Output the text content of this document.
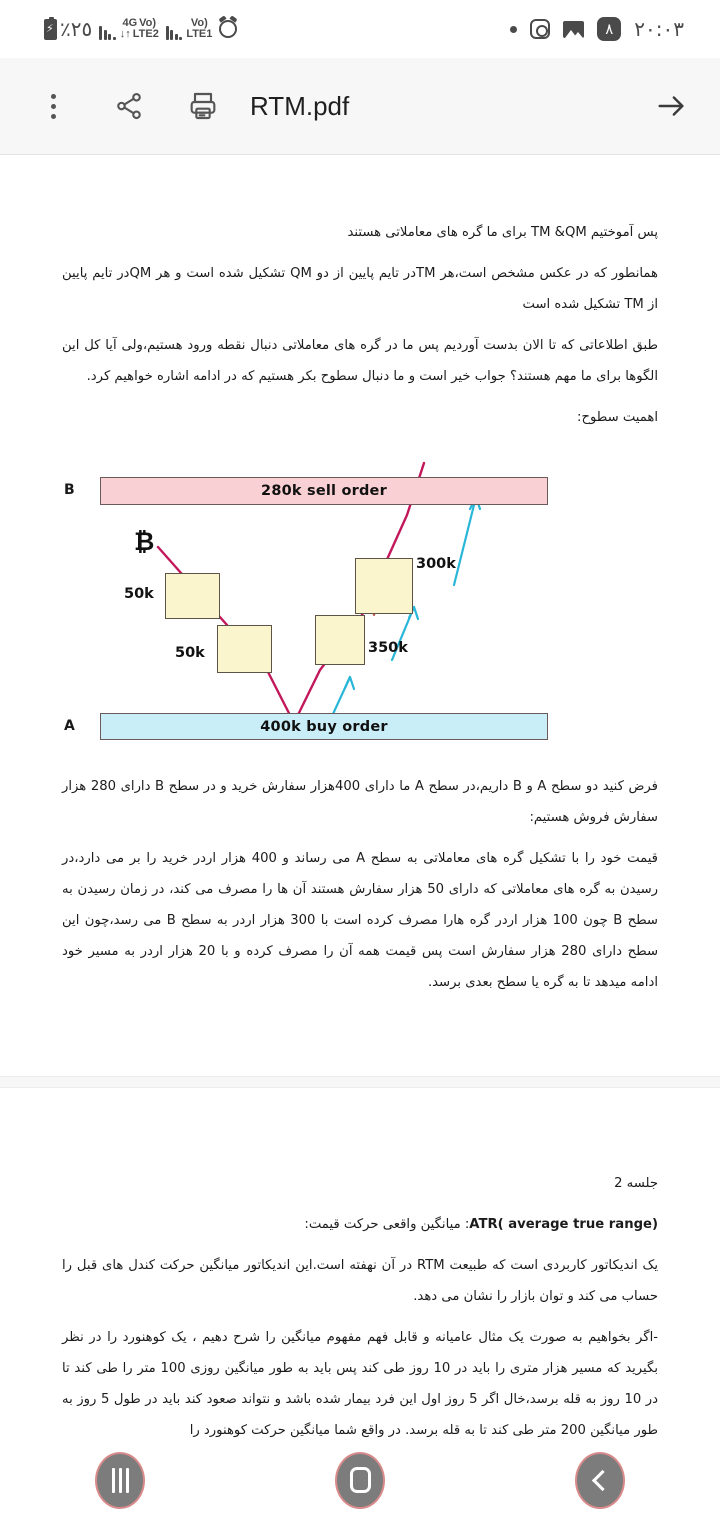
⚡
٪٢٥	4G Vo)
↓↑ LTE2
Vo)
LTE1	٨	٢٠:٠٣
RTM.pdf

پس آموختیم TM &QM برای ما گره های معاملاتی هستند

همانطور که در عکس مشخص است،هر TMدر تایم پایین از دو QM تشکیل شده است و هر QMدر تایم پایین از TM تشکیل شده است

طبق اطلاعاتی که تا الان بدست آوردیم پس ما در گره های معاملاتی دنبال نقطه ورود هستیم،ولی آیا کل این الگوها برای ما مهم هستند؟ جواب خیر است و ما دنبال سطوح بکر هستیم که در ادامه اشاره خواهیم کرد.

اهمیت سطوح:

B
A
280k sell order
400k buy order
₿
50k
50k	350k
300k

فرض کنید دو سطح A و B داریم،در سطح A ما دارای 400هزار سفارش خرید و در سطح B دارای 280 هزار سفارش فروش هستیم:

قیمت خود را با تشکیل گره های معاملاتی به سطح A می رساند و 400 هزار اردر خرید را بر می دارد،در رسیدن به گره های معاملاتی که دارای 50 هزار سفارش هستند آن ها را مصرف می کند، در زمان رسیدن به سطح B چون 100 هزار اردر گره هارا مصرف کرده است با 300 هزار اردر به سطح B می رسد،چون این سطح دارای 280 هزار سفارش است پس قیمت همه آن را مصرف کرده و با 20 هزار اردر به مسیر خود ادامه میدهد تا به گره یا سطح بعدی برسد.

جلسه 2

ATR( average true range): میانگین واقعی حرکت قیمت:

یک اندیکاتور کاربردی است که طبیعت RTM در آن نهفته است.این اندیکاتور میانگین حرکت کندل های قبل را حساب می کند و توان بازار را نشان می دهد.

-اگر بخواهیم به صورت یک مثال عامیانه و قابل فهم مفهوم میانگین را شرح دهیم ، یک کوهنورد را در نظر بگیرید که مسیر هزار متری را باید در 10 روز طی کند پس باید به طور میانگین روزی 100 متر را طی کند تا در 10 روز به قله برسد،خال اگر 5 روز اول این فرد بیمار شده باشد و نتواند صعود کند باید در طول 5 روز به طور میانگین 200 متر طی کند تا به قله برسد. در واقع شما میانگین حرکت کوهنورد را
